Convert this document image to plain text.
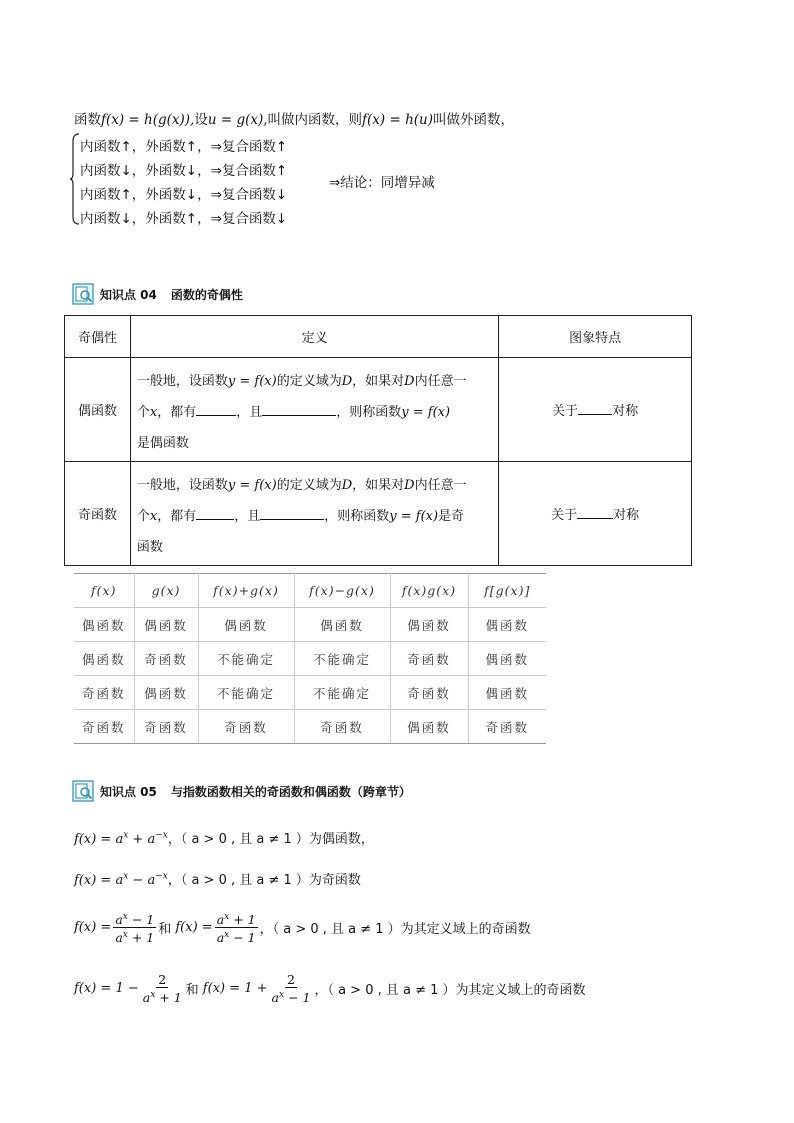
函数f(x) = h(g(x)),设u = g(x),叫做内函数，则f(x) = h(u)叫做外函数，
内函数↑，外函数↑，⇒复合函数↑
内函数↓，外函数↓，⇒复合函数↑
内函数↑，外函数↓，⇒复合函数↓
内函数↓，外函数↑，⇒复合函数↓
⇒结论：同增异减
知识点 04 函数的奇偶性
奇偶性	定义	图象特点
偶函数	一般地，设函数y = f(x)的定义域为D，如果对D内任意一
个x，都有 ，且 ，则称函数y = f(x)
是偶函数	关于 对称
奇函数	一般地，设函数y = f(x)的定义域为D，如果对D内任意一
个x，都有 ，且 ，则称函数y = f(x)是奇
函数	关于 对称
f(x)	g(x)	f(x)+g(x)	f(x)−g(x)	f(x)g(x)	f[g(x)]
偶函数	偶函数	偶函数	偶函数	偶函数	偶函数
偶函数	奇函数	不能确定	不能确定	奇函数	偶函数
奇函数	偶函数	不能确定	不能确定	奇函数	偶函数
奇函数	奇函数	奇函数	奇函数	偶函数	奇函数
知识点 05 与指数函数相关的奇函数和偶函数（跨章节）
$f(x) = a^x + a^{-x}$，（ a > 0 , 且 a ≠ 1 ）为偶函数，
$f(x) = a^x - a^{-x}$，（ a > 0 , 且 a ≠ 1 ）为奇函数
$f(x) = \frac{a^x - 1}{a^x + 1}$ 和 $f(x) = \frac{a^x + 1}{a^x - 1}$ ，（ a > 0 , 且 a ≠ 1 ）为其定义域上的奇函数
$f(x) = 1 - \frac{2}{a^x + 1}$ 和 $f(x) = 1 + \frac{2}{a^x - 1}$ ，（ a > 0 , 且 a ≠ 1 ）为其定义域上的奇函数
